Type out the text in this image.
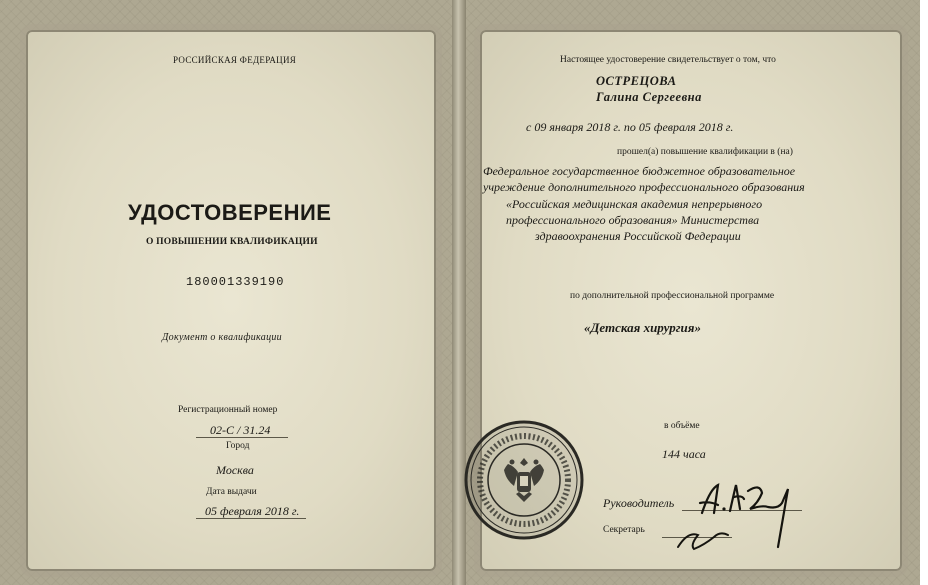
РОССИЙСКАЯ ФЕДЕРАЦИЯ
УДОСТОВЕРЕНИЕ
О ПОВЫШЕНИИ КВАЛИФИКАЦИИ
180001339190
Документ о квалификации
Регистрационный номер
02-С / 31.24
Город
Москва
Дата выдачи
05 февраля 2018 г.
Настоящее удостоверение свидетельствует о том, что
ОСТРЕЦОВА
Галина Сергеевна
с 09 января 2018 г. по 05 февраля 2018 г.
прошел(а) повышение квалификации в (на)
Федеральное государственное бюджетное образовательное
учреждение дополнительного профессионального образования
«Российская медицинская академия непрерывного
профессионального образования» Министерства
здравоохранения Российской Федерации
по дополнительной профессиональной программе
«Детская хирургия»
в объёме
144 часа
Руководитель
Секретарь
